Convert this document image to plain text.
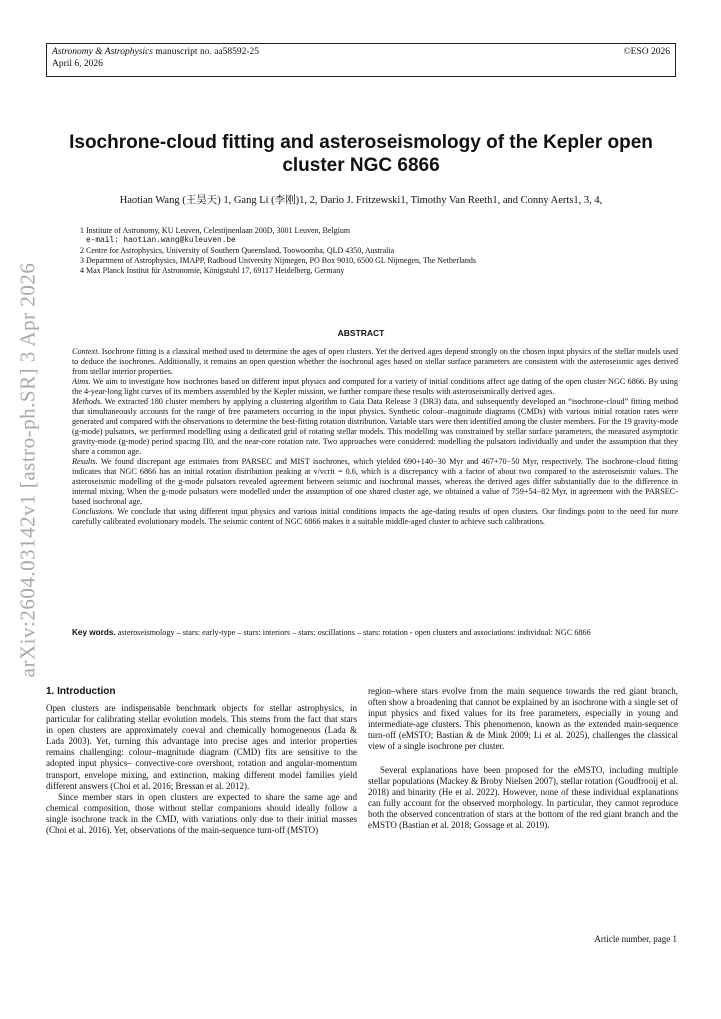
arXiv:2604.03142v1 [astro-ph.SR] 3 Apr 2026
Astronomy & Astrophysics manuscript no. aa58592-25
April 6, 2026
©ESO 2026
Isochrone-cloud fitting and asteroseismology of the Kepler open
cluster NGC 6866
Haotian Wang (王昊天) 1, Gang Li (李刚)1, 2, Dario J. Fritzewski1, Timothy Van Reeth1, and Conny Aerts1, 3, 4,
1 Institute of Astronomy, KU Leuven, Celestijnenlaan 200D, 3001 Leuven, Belgium
e-mail: haotian.wang@kuleuven.be
2 Centre for Astrophysics, University of Southern Queensland, Toowoomba, QLD 4350, Australia
3 Department of Astrophysics, IMAPP, Radboud University Nijmegen, PO Box 9010, 6500 GL Nijmegen, The Netherlands
4 Max Planck Institut für Astronomie, Königstuhl 17, 69117 Heidelberg, Germany
ABSTRACT

Context. Isochrone fitting is a classical method used to determine the ages of open clusters. Yet the derived ages depend strongly on the chosen input physics of the stellar models used to deduce the isochrones. Additionally, it remains an open question whether the isochronal ages based on stellar surface parameters are consistent with the asteroseismic ages derived from stellar interior properties.

Aims. We aim to investigate how isochrones based on different input physics and computed for a variety of initial conditions affect age dating of the open cluster NGC 6866. By using the 4-year-long light curves of its members assembled by the Kepler mission, we further compare these results with asteroseismically derived ages.

Methods. We extracted 180 cluster members by applying a clustering algorithm to Gaia Data Release 3 (DR3) data, and subsequently developed an “isochrone-cloud” fitting method that simultaneously accounts for the range of free parameters occurring in the input physics. Synthetic colour–magnitude diagrams (CMDs) with various initial rotation rates were generated and compared with the observations to determine the best-fitting rotation distribution. Variable stars were then identified among the cluster members. For the 19 gravity-mode (g-mode) pulsators, we performed modelling using a dedicated grid of rotating stellar models. This modelling was constrained by stellar surface parameters, the measured asymptotic gravity-mode (g-mode) period spacing Π0, and the near-core rotation rate. Two approaches were considered: modelling the pulsators individually and under the assumption that they share a common age.

Results. We found discrepant age estimates from PARSEC and MIST isochrones, which yielded 690+140−30 Myr and 467+70−50 Myr, respectively. The isochrone-cloud fitting indicates that NGC 6866 has an initial rotation distribution peaking at v/vcrit = 0.6, which is a discrepancy with a factor of about two compared to the asteroseismic values. The asteroseismic modelling of the g-mode pulsators revealed agreement between seismic and isochronal masses, whereas the derived ages differ substantially due to the difference in internal mixing. When the g-mode pulsators were modelled under the assumption of one shared cluster age, we obtained a value of 759+54−82 Myr, in agreement with the PARSEC-based isochronal age.

Conclusions. We conclude that using different input physics and various initial conditions impacts the age-dating results of open clusters. Our findings point to the need for more carefully calibrated evolutionary models. The seismic content of NGC 6866 makes it a suitable middle-aged cluster to achieve such calibrations.

Key words. asteroseismology – stars: early-type – stars: interiors – stars: oscillations – stars: rotation - open clusters and associations: individual: NGC 6866
1. Introduction

Open clusters are indispensable benchmark objects for stellar astrophysics, in particular for calibrating stellar evolution models. This stems from the fact that stars in open clusters are approximately coeval and chemically homogeneous (Lada & Lada 2003). Yet, turning this advantage into precise ages and interior properties remains challenging: colour–magnitude diagram (CMD) fits are sensitive to the adopted input physics– convective-core overshoot, rotation and angular-momentum transport, envelope mixing, and extinction, making different model families yield different answers (Choi et al. 2016; Bressan et al. 2012).

Since member stars in open clusters are expected to share the same age and chemical composition, those without stellar companions should ideally follow a single isochrone track in the CMD, with variations only due to their initial masses (Choi et al. 2016). Yet, observations of the main-sequence turn-off (MSTO)

region–where stars evolve from the main sequence towards the red giant branch, often show a broadening that cannot be explained by an isochrone with a single set of input physics and fixed values for its free parameters, especially in young and intermediate-age clusters. This phenomenon, known as the extended main-sequence turn-off (eMSTO; Bastian & de Mink 2009; Li et al. 2025), challenges the classical view of a single isochrone per cluster.

Several explanations have been proposed for the eMSTO, including multiple stellar populations (Mackey & Broby Nielsen 2007), stellar rotation (Goudfrooij et al. 2018) and binarity (He et al. 2022). However, none of these individual explanations can fully account for the observed morphology. In particular, they cannot reproduce both the observed concentration of stars at the bottom of the red giant branch and the eMSTO (Bastian et al. 2018; Gossage et al. 2019).

Article number, page 1
